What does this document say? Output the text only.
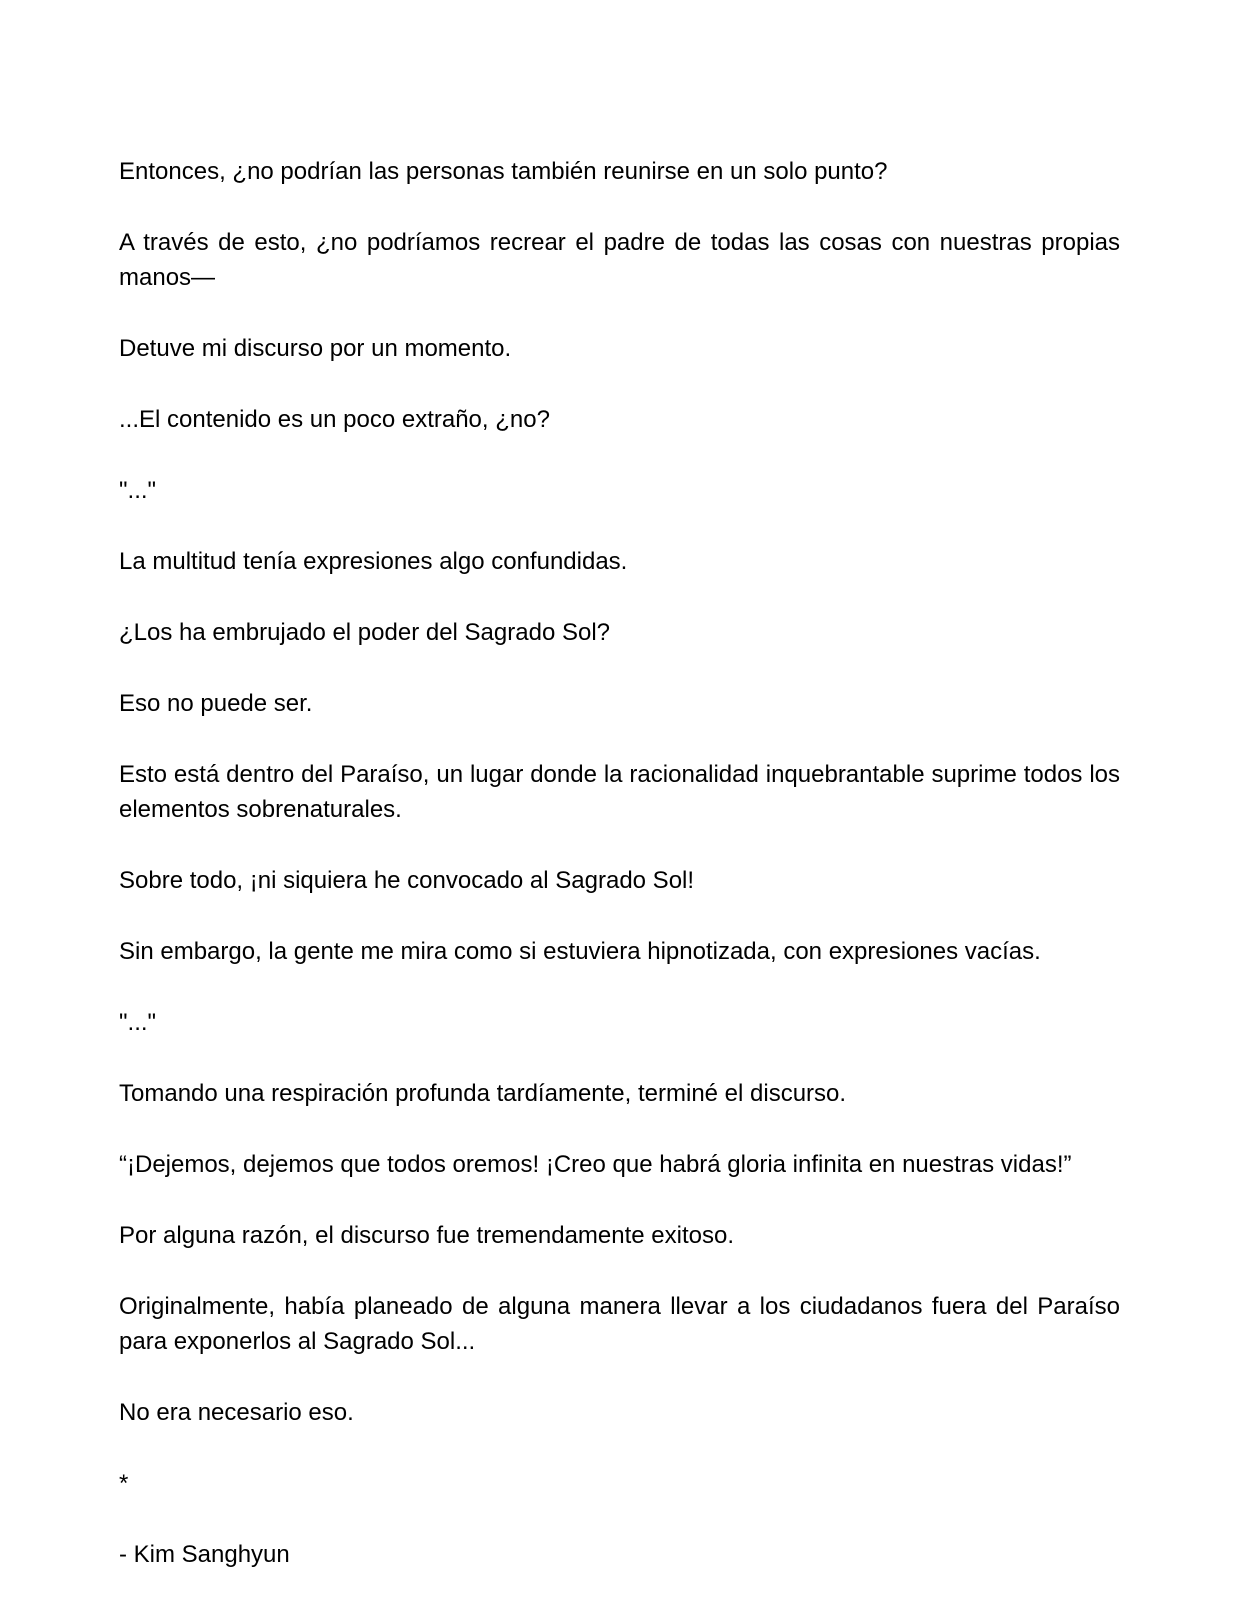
Entonces, ¿no podrían las personas también reunirse en un solo punto?

A través de esto, ¿no podríamos recrear el padre de todas las cosas con nuestras propias manos—

Detuve mi discurso por un momento.

...El contenido es un poco extraño, ¿no?

"..."

La multitud tenía expresiones algo confundidas.

¿Los ha embrujado el poder del Sagrado Sol?

Eso no puede ser.

Esto está dentro del Paraíso, un lugar donde la racionalidad inquebrantable suprime todos los elementos sobrenaturales.

Sobre todo, ¡ni siquiera he convocado al Sagrado Sol!

Sin embargo, la gente me mira como si estuviera hipnotizada, con expresiones vacías.

"..."

Tomando una respiración profunda tardíamente, terminé el discurso.

“¡Dejemos, dejemos que todos oremos! ¡Creo que habrá gloria infinita en nuestras vidas!”

Por alguna razón, el discurso fue tremendamente exitoso.

Originalmente, había planeado de alguna manera llevar a los ciudadanos fuera del Paraíso para exponerlos al Sagrado Sol...

No era necesario eso.

*

- Kim Sanghyun
